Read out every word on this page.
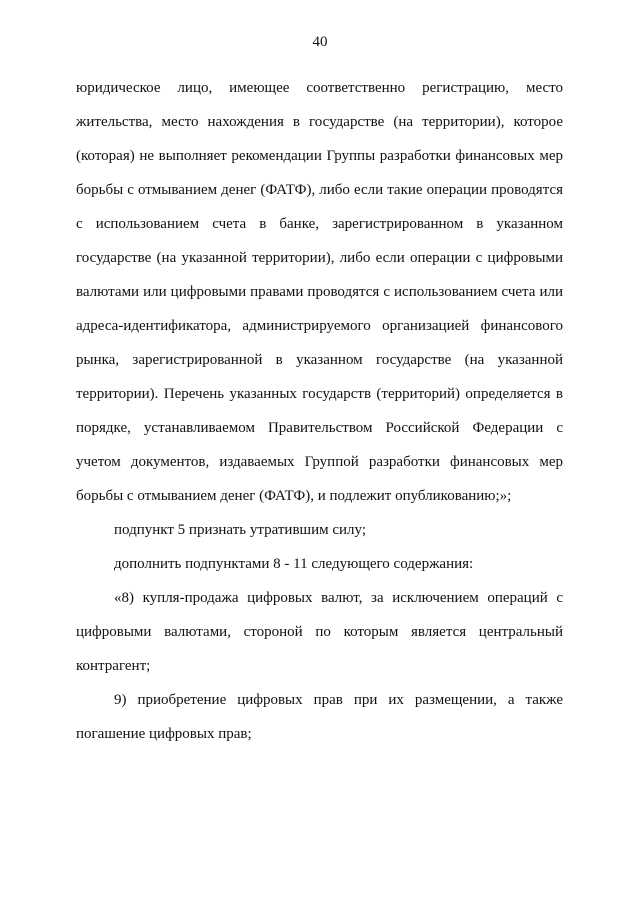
40

юридическое лицо, имеющее соответственно регистрацию, место жительства, место нахождения в государстве (на территории), которое (которая) не выполняет рекомендации Группы разработки финансовых мер борьбы с отмыванием денег (ФАТФ), либо если такие операции проводятся с использованием счета в банке, зарегистрированном в указанном государстве (на указанной территории), либо если операции с цифровыми валютами или цифровыми правами проводятся с использованием счета или адреса-идентификатора, администрируемого организацией финансового рынка, зарегистрированной в указанном государстве (на указанной территории). Перечень указанных государств (территорий) определяется в порядке, устанавливаемом Правительством Российской Федерации с учетом документов, издаваемых Группой разработки финансовых мер борьбы с отмыванием денег (ФАТФ), и подлежит опубликованию;»;

подпункт 5 признать утратившим силу;

дополнить подпунктами 8 - 11 следующего содержания:

«8) купля-продажа цифровых валют, за исключением операций с цифровыми валютами, стороной по которым является центральный контрагент;

9) приобретение цифровых прав при их размещении, а также погашение цифровых прав;
